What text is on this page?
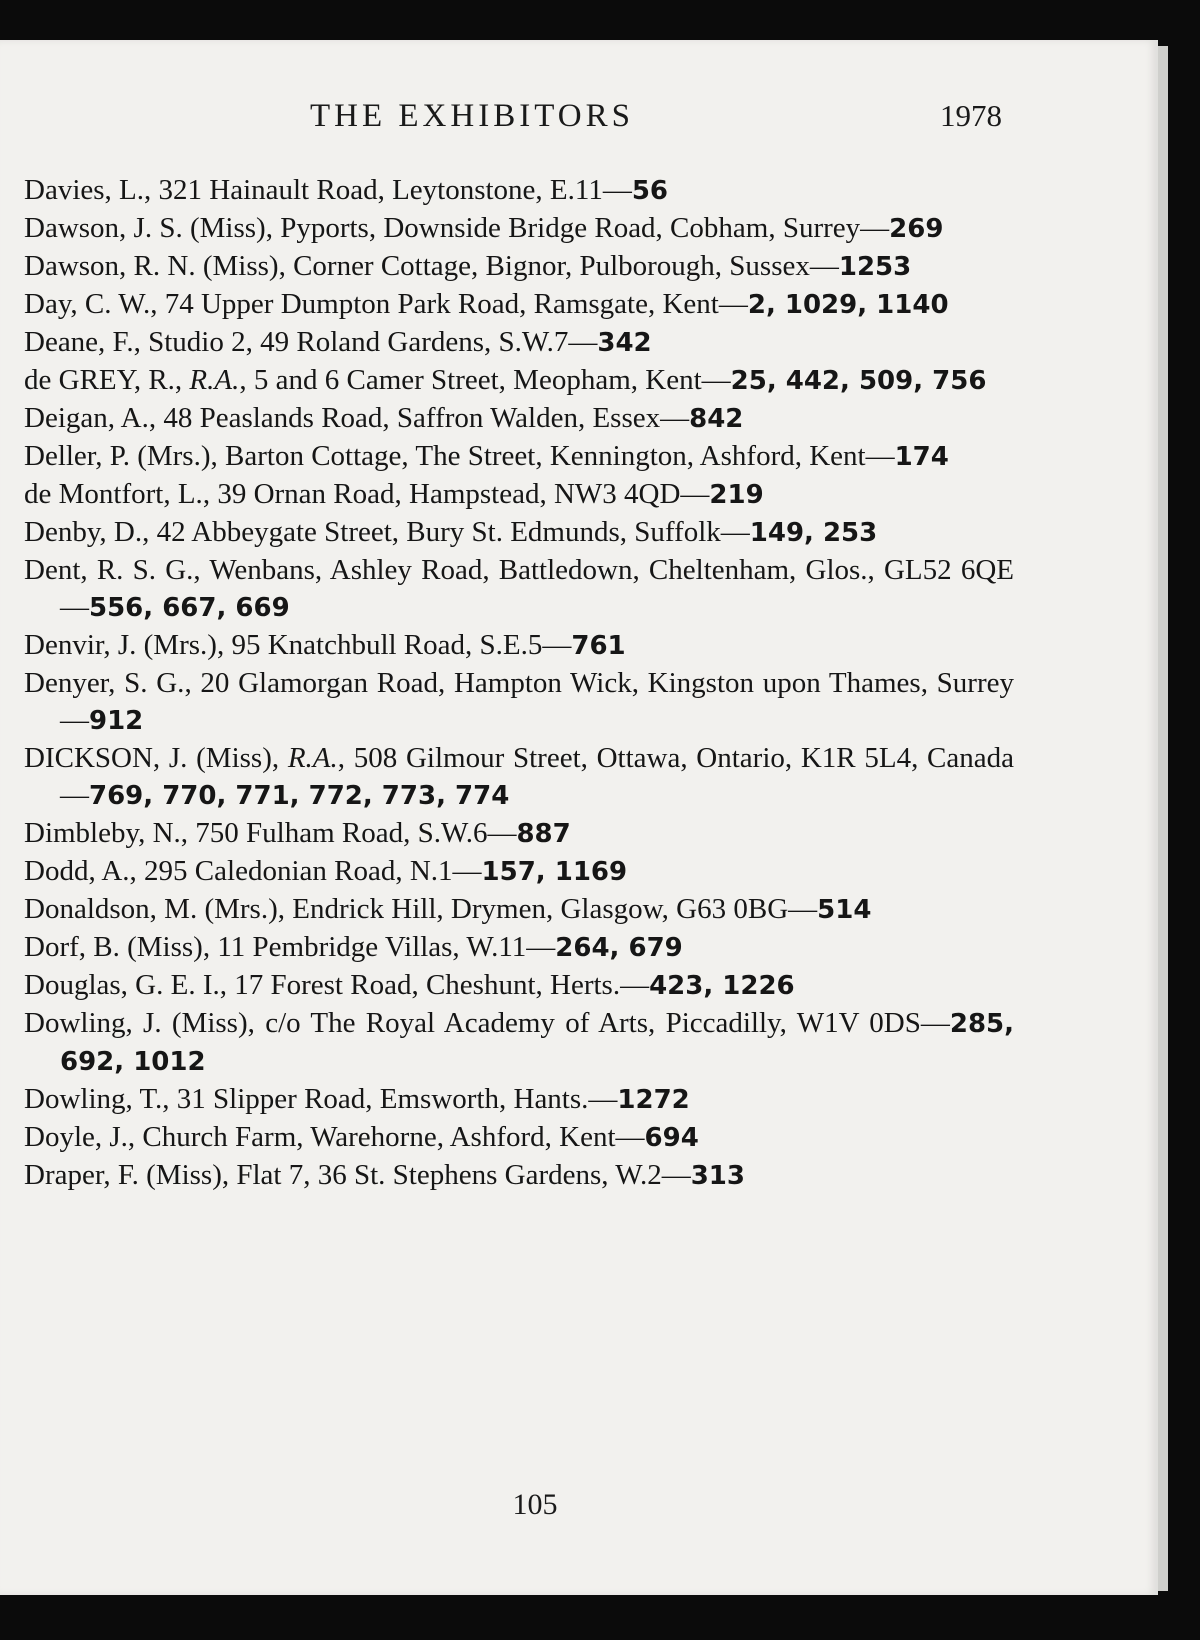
THE EXHIBITORS	1978

Davies, L., 321 Hainault Road, Leytonstone, E.11—56

Dawson, J. S. (Miss), Pyports, Downside Bridge Road, Cobham, Surrey—269

Dawson, R. N. (Miss), Corner Cottage, Bignor, Pulborough, Sussex—1253

Day, C. W., 74 Upper Dumpton Park Road, Ramsgate, Kent—2, 1029, 1140

Deane, F., Studio 2, 49 Roland Gardens, S.W.7—342

de GREY, R., R.A., 5 and 6 Camer Street, Meopham, Kent—25, 442, 509, 756

Deigan, A., 48 Peaslands Road, Saffron Walden, Essex—842

Deller, P. (Mrs.), Barton Cottage, The Street, Kennington, Ashford, Kent—174

de Montfort, L., 39 Ornan Road, Hampstead, NW3 4QD—219

Denby, D., 42 Abbeygate Street, Bury St. Edmunds, Suffolk—149, 253

Dent, R. S. G., Wenbans, Ashley Road, Battledown, Cheltenham, Glos., GL52 6QE—556, 667, 669

Denvir, J. (Mrs.), 95 Knatchbull Road, S.E.5—761

Denyer, S. G., 20 Glamorgan Road, Hampton Wick, Kingston upon Thames, Surrey—912

DICKSON, J. (Miss), R.A., 508 Gilmour Street, Ottawa, Ontario, K1R 5L4, Canada—769, 770, 771, 772, 773, 774

Dimbleby, N., 750 Fulham Road, S.W.6—887

Dodd, A., 295 Caledonian Road, N.1—157, 1169

Donaldson, M. (Mrs.), Endrick Hill, Drymen, Glasgow, G63 0BG—514

Dorf, B. (Miss), 11 Pembridge Villas, W.11—264, 679

Douglas, G. E. I., 17 Forest Road, Cheshunt, Herts.—423, 1226

Dowling, J. (Miss), c/o The Royal Academy of Arts, Piccadilly, W1V 0DS—285, 692, 1012

Dowling, T., 31 Slipper Road, Emsworth, Hants.—1272

Doyle, J., Church Farm, Warehorne, Ashford, Kent—694

Draper, F. (Miss), Flat 7, 36 St. Stephens Gardens, W.2—313

105
